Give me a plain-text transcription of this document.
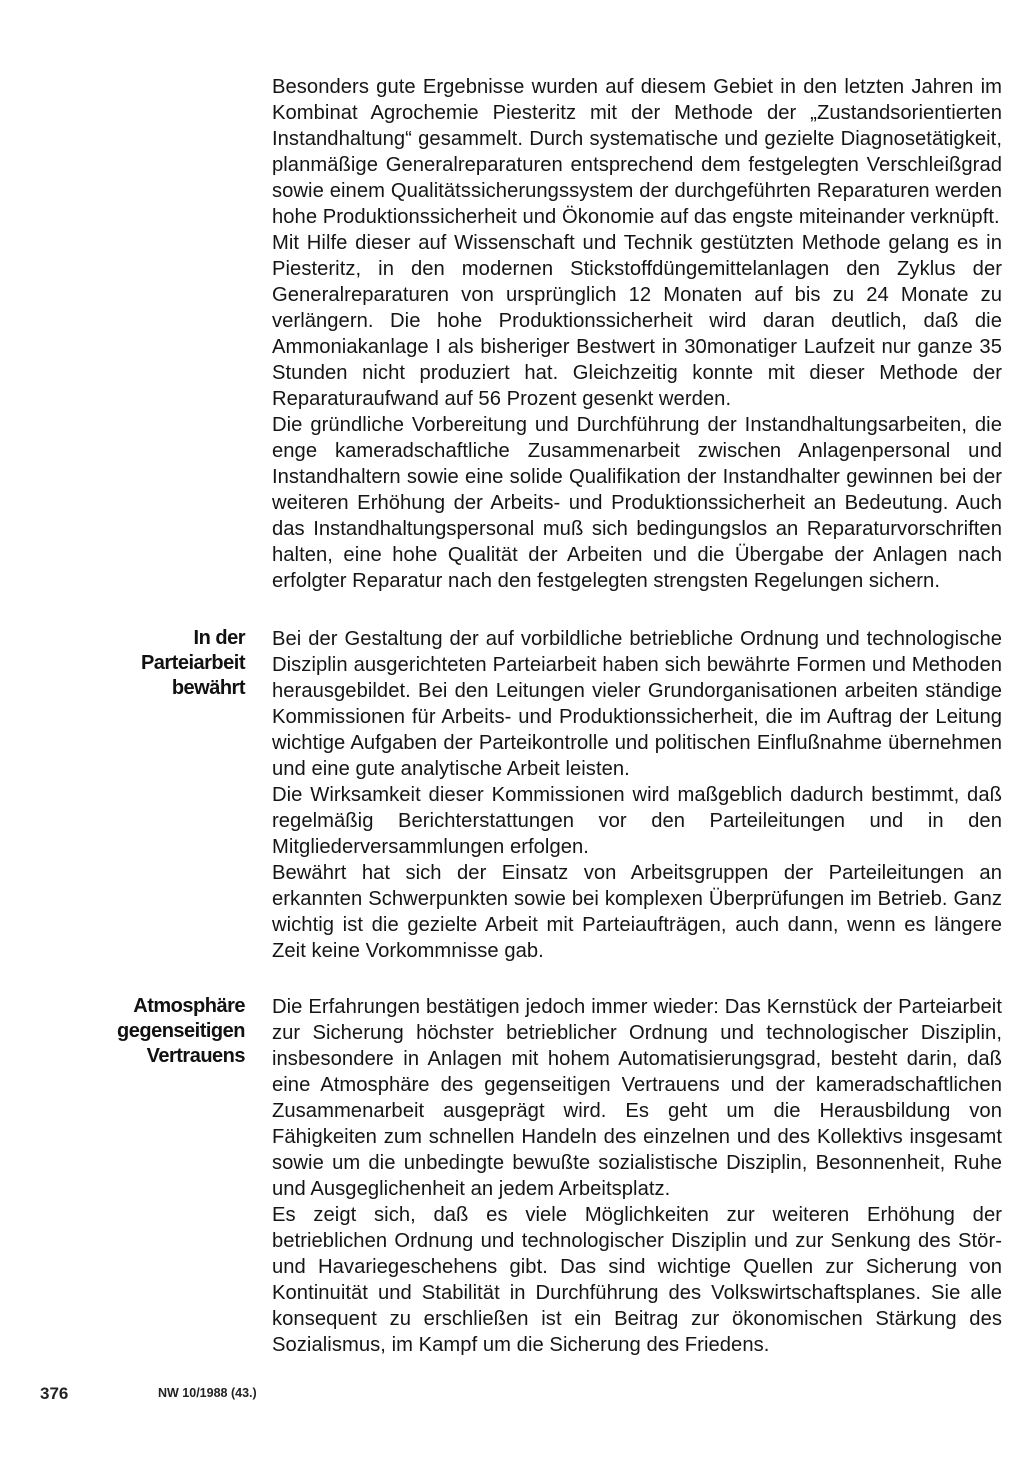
Besonders gute Ergebnisse wurden auf diesem Gebiet in den letzten Jahren im Kombinat Agrochemie Piesteritz mit der Methode der „Zustandsorientierten Instandhaltung“ gesammelt. Durch systematische und gezielte Diagnosetätigkeit, planmäßige Generalreparaturen entsprechend dem festgelegten Verschleißgrad sowie einem Qualitätssicherungssystem der durchgeführten Reparaturen werden hohe Produktionssicherheit und Ökonomie auf das engste miteinander verknüpft.

Mit Hilfe dieser auf Wissenschaft und Technik gestützten Methode gelang es in Piesteritz, in den modernen Stickstoffdüngemittelanlagen den Zyklus der Generalreparaturen von ursprünglich 12 Monaten auf bis zu 24 Monate zu verlängern. Die hohe Produktionssicherheit wird daran deutlich, daß die Ammoniakanlage I als bisheriger Bestwert in 30monatiger Laufzeit nur ganze 35 Stunden nicht produziert hat. Gleichzeitig konnte mit dieser Methode der Reparaturaufwand auf 56 Prozent gesenkt werden.

Die gründliche Vorbereitung und Durchführung der Instandhaltungsarbeiten, die enge kameradschaftliche Zusammenarbeit zwischen Anlagenpersonal und Instandhaltern sowie eine solide Qualifikation der Instandhalter gewinnen bei der weiteren Erhöhung der Arbeits- und Produktionssicherheit an Bedeutung. Auch das Instandhaltungspersonal muß sich bedingungslos an Reparaturvorschriften halten, eine hohe Qualität der Arbeiten und die Übergabe der Anlagen nach erfolgter Reparatur nach den festgelegten strengsten Regelungen sichern.

In der
Parteiarbeit
bewährt

Bei der Gestaltung der auf vorbildliche betriebliche Ordnung und technologische Disziplin ausgerichteten Parteiarbeit haben sich bewährte Formen und Methoden herausgebildet. Bei den Leitungen vieler Grundorganisationen arbeiten ständige Kommissionen für Arbeits- und Produktionssicherheit, die im Auftrag der Leitung wichtige Aufgaben der Parteikontrolle und politischen Einflußnahme übernehmen und eine gute analytische Arbeit leisten.

Die Wirksamkeit dieser Kommissionen wird maßgeblich dadurch bestimmt, daß regelmäßig Berichterstattungen vor den Parteileitungen und in den Mitgliederversammlungen erfolgen.

Bewährt hat sich der Einsatz von Arbeitsgruppen der Parteileitungen an erkannten Schwerpunkten sowie bei komplexen Überprüfungen im Betrieb. Ganz wichtig ist die gezielte Arbeit mit Parteiaufträgen, auch dann, wenn es längere Zeit keine Vorkommnisse gab.

Atmosphäre
gegenseitigen
Vertrauens

Die Erfahrungen bestätigen jedoch immer wieder: Das Kernstück der Parteiarbeit zur Sicherung höchster betrieblicher Ordnung und technologischer Disziplin, insbesondere in Anlagen mit hohem Automatisierungsgrad, besteht darin, daß eine Atmosphäre des gegenseitigen Vertrauens und der kameradschaftlichen Zusammenarbeit ausgeprägt wird. Es geht um die Herausbildung von Fähigkeiten zum schnellen Handeln des einzelnen und des Kollektivs insgesamt sowie um die unbedingte bewußte sozialistische Disziplin, Besonnenheit, Ruhe und Ausgeglichenheit an jedem Arbeitsplatz.

Es zeigt sich, daß es viele Möglichkeiten zur weiteren Erhöhung der betrieblichen Ordnung und technologischer Disziplin und zur Senkung des Stör- und Havariegeschehens gibt. Das sind wichtige Quellen zur Sicherung von Kontinuität und Stabilität in Durchführung des Volkswirtschaftsplanes. Sie alle konsequent zu erschließen ist ein Beitrag zur ökonomischen Stärkung des Sozialismus, im Kampf um die Sicherung des Friedens.

376	NW 10/1988 (43.)
